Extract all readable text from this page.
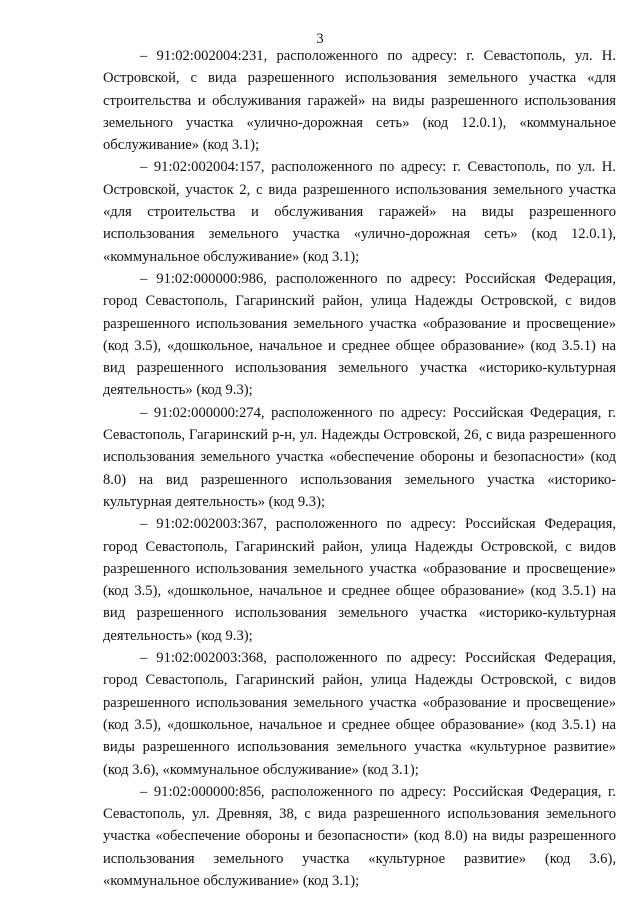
3

– 91:02:002004:231, расположенного по адресу: г. Севастополь, ул. Н. Островской, с вида разрешенного использования земельного участка «для строительства и обслуживания гаражей» на виды разрешенного использования земельного участка «улично-дорожная сеть» (код 12.0.1), «коммунальное обслуживание» (код 3.1);

– 91:02:002004:157, расположенного по адресу: г. Севастополь, по ул. Н. Островской, участок 2, с вида разрешенного использования земельного участка «для строительства и обслуживания гаражей» на виды разрешенного использования земельного участка «улично-дорожная сеть» (код 12.0.1), «коммунальное обслуживание» (код 3.1);

– 91:02:000000:986, расположенного по адресу: Российская Федерация, город Севастополь, Гагаринский район, улица Надежды Островской, с видов разрешенного использования земельного участка «образование и просвещение» (код 3.5), «дошкольное, начальное и среднее общее образование» (код 3.5.1) на вид разрешенного использования земельного участка «историко-культурная деятельность» (код 9.3);

– 91:02:000000:274, расположенного по адресу: Российская Федерация, г. Севастополь, Гагаринский р-н, ул. Надежды Островской, 26, с вида разрешенного использования земельного участка «обеспечение обороны и безопасности» (код 8.0) на вид разрешенного использования земельного участка «историко-культурная деятельность» (код 9.3);

– 91:02:002003:367, расположенного по адресу: Российская Федерация, город Севастополь, Гагаринский район, улица Надежды Островской, с видов разрешенного использования земельного участка «образование и просвещение» (код 3.5), «дошкольное, начальное и среднее общее образование» (код 3.5.1) на вид разрешенного использования земельного участка «историко-культурная деятельность» (код 9.3);

– 91:02:002003:368, расположенного по адресу: Российская Федерация, город Севастополь, Гагаринский район, улица Надежды Островской, с видов разрешенного использования земельного участка «образование и просвещение» (код 3.5), «дошкольное, начальное и среднее общее образование» (код 3.5.1) на виды разрешенного использования земельного участка «культурное развитие» (код 3.6), «коммунальное обслуживание» (код 3.1);

– 91:02:000000:856, расположенного по адресу: Российская Федерация, г. Севастополь, ул. Древняя, 38, с вида разрешенного использования земельного участка «обеспечение обороны и безопасности» (код 8.0) на виды разрешенного использования земельного участка «культурное развитие» (код 3.6), «коммунальное обслуживание» (код 3.1);
